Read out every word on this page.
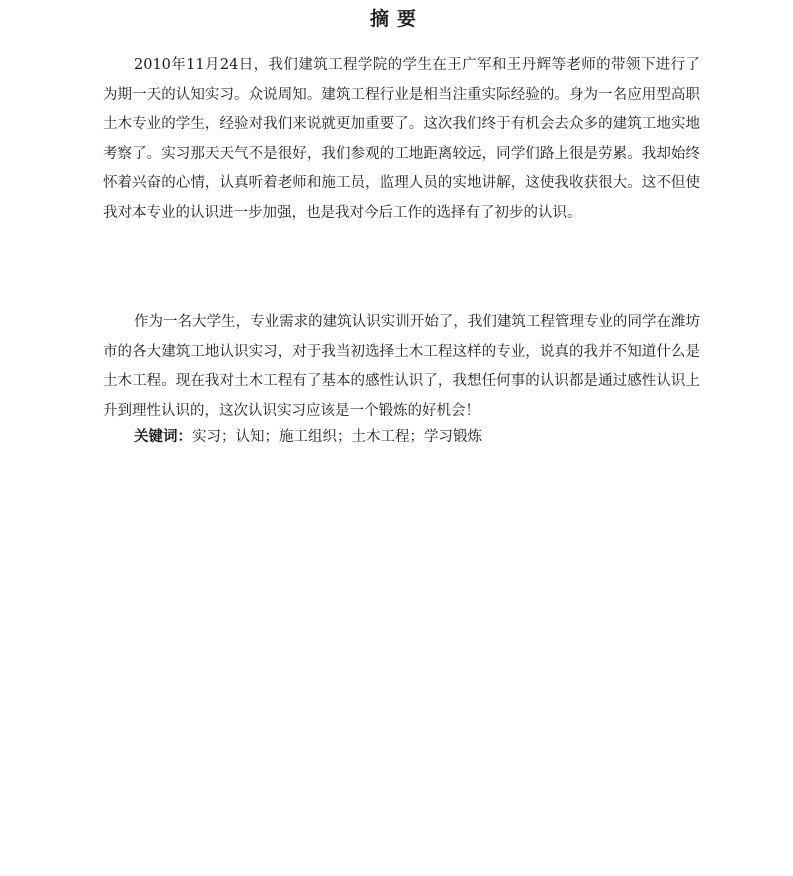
摘要

2010年11月24日，我们建筑工程学院的学生在王广军和王丹辉等老师的带领下进行了为期一天的认知实习。众说周知。建筑工程行业是相当注重实际经验的。身为一名应用型高职土木专业的学生，经验对我们来说就更加重要了。这次我们终于有机会去众多的建筑工地实地考察了。实习那天天气不是很好，我们参观的工地距离较远，同学们路上很是劳累。我却始终怀着兴奋的心情，认真听着老师和施工员，监理人员的实地讲解，这使我收获很大。这不但使我对本专业的认识进一步加强，也是我对今后工作的选择有了初步的认识。

作为一名大学生，专业需求的建筑认识实训开始了，我们建筑工程管理专业的同学在潍坊市的各大建筑工地认识实习，对于我当初选择土木工程这样的专业，说真的我并不知道什么是土木工程。现在我对土木工程有了基本的感性认识了，我想任何事的认识都是通过感性认识上升到理性认识的，这次认识实习应该是一个锻炼的好机会！

关键词：实习；认知；施工组织；土木工程；学习锻炼
